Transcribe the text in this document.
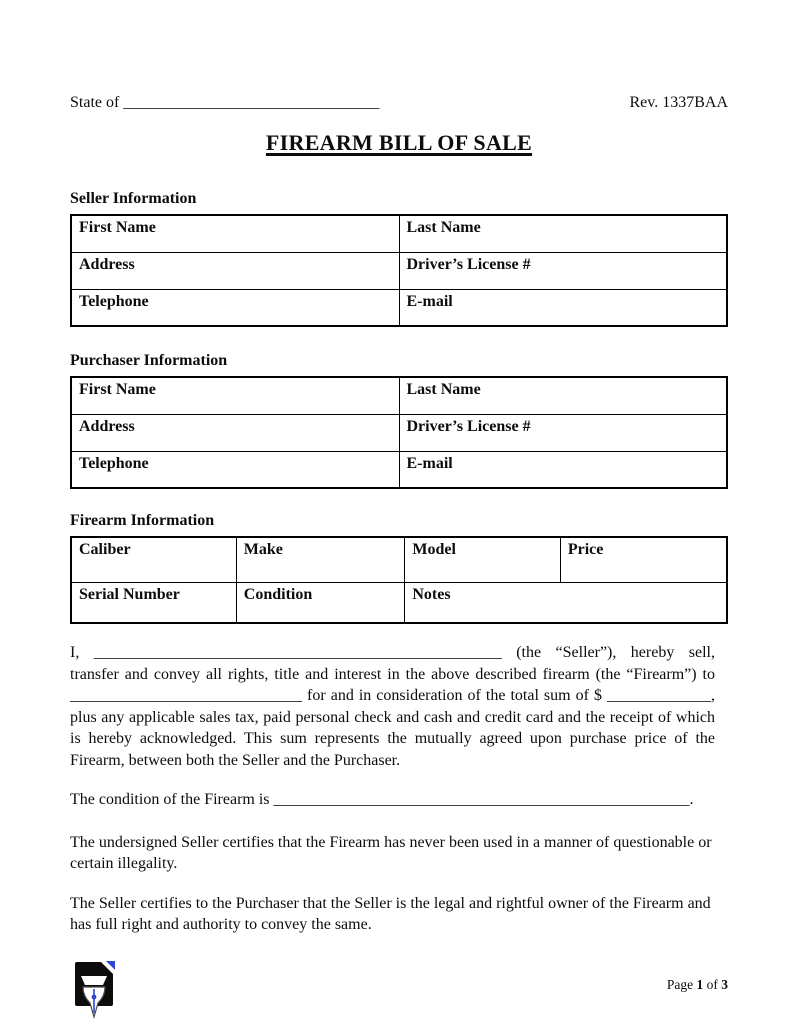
State of ________________________________	Rev. 1337BAA
FIREARM BILL OF SALE
Seller Information
First Name	Last Name
Address	Driver’s License #
Telephone	E-mail
Purchaser Information
First Name	Last Name
Address	Driver’s License #
Telephone	E-mail
Firearm Information
Caliber	Make	Model	Price
Serial Number	Condition	Notes	

I, ___________________________________________________ (the “Seller”), hereby sell, transfer and convey all rights, title and interest in the above described firearm (the “Firearm”) to _____________________________ for and in consideration of the total sum of $ _____________, plus any applicable sales tax, paid personal check and cash and credit card and the receipt of which is hereby acknowledged. This sum represents the mutually agreed upon purchase price of the Firearm, between both the Seller and the Purchaser.

The condition of the Firearm is ____________________________________________________.

The undersigned Seller certifies that the Firearm has never been used in a manner of questionable or certain illegality.

The Seller certifies to the Purchaser that the Seller is the legal and rightful owner of the Firearm and has full right and authority to convey the same.

Page 1 of 3
